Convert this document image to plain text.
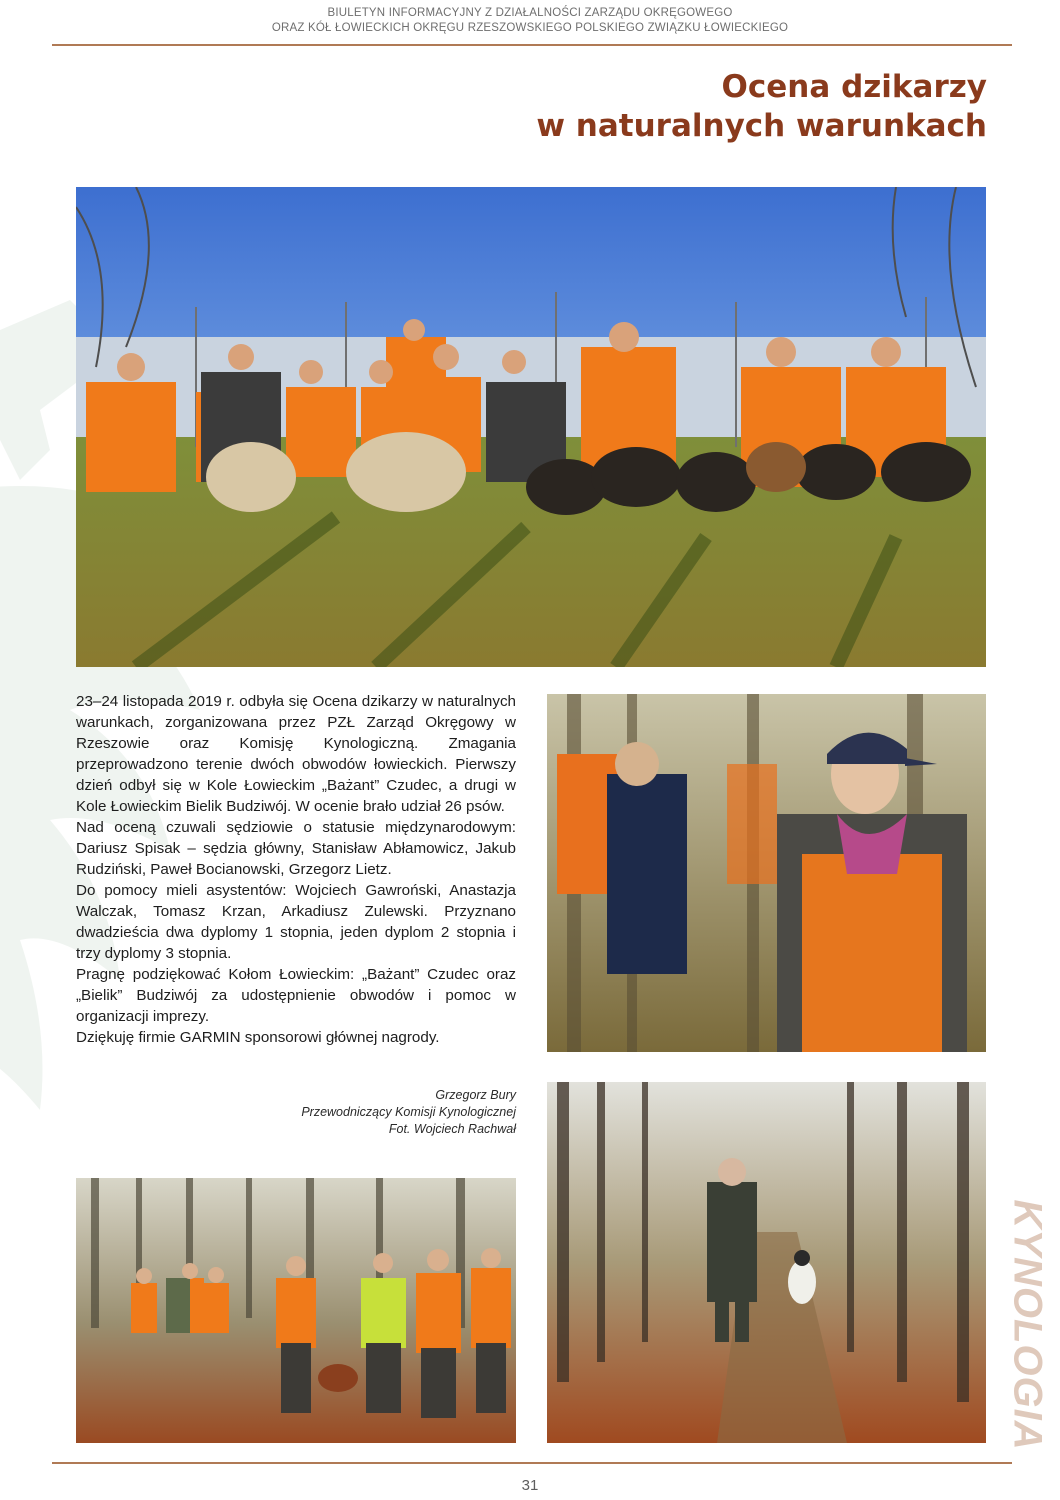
BIULETYN INFORMACYJNY Z DZIAŁALNOŚCI ZARZĄDU OKRĘGOWEGO
ORAZ KÓŁ ŁOWIECKICH OKRĘGU RZESZOWSKIEGO POLSKIEGO ZWIĄZKU ŁOWIECKIEGO
Ocena dzikarzy
w naturalnych warunkach

23–24 listopada 2019 r. odbyła się Ocena dzikarzy w naturalnych warunkach, zorganizowana przez PZŁ Zarząd Okręgowy w Rzeszowie oraz Komisję Kynologiczną. Zmagania przeprowadzono terenie dwóch obwodów łowieckich. Pierwszy dzień odbył się w Kole Łowieckim „Bażant” Czudec, a drugi w Kole Łowieckim Bielik Budziwój. W ocenie brało udział 26 psów.

Nad oceną czuwali sędziowie o statusie międzynarodowym: Dariusz Spisak – sędzia główny, Stanisław Abłamowicz, Jakub Rudziński, Paweł Bocianowski, Grzegorz Lietz.

Do pomocy mieli asystentów: Wojciech Gawroński, Anastazja Walczak, Tomasz Krzan, Arkadiusz Zulewski. Przyznano dwadzieścia dwa dyplomy 1 stopnia, jeden dyplom 2 stopnia i trzy dyplomy 3 stopnia.

Pragnę podziękować Kołom Łowieckim: „Bażant” Czudec oraz „Bielik” Budziwój za udostępnienie obwodów i pomoc w organizacji imprezy.

Dziękuję firmie GARMIN sponsorowi głównej nagrody.

Grzegorz Bury
Przewodniczący Komisji Kynologicznej
Fot. Wojciech Rachwał
KYNOLOGIA
31
